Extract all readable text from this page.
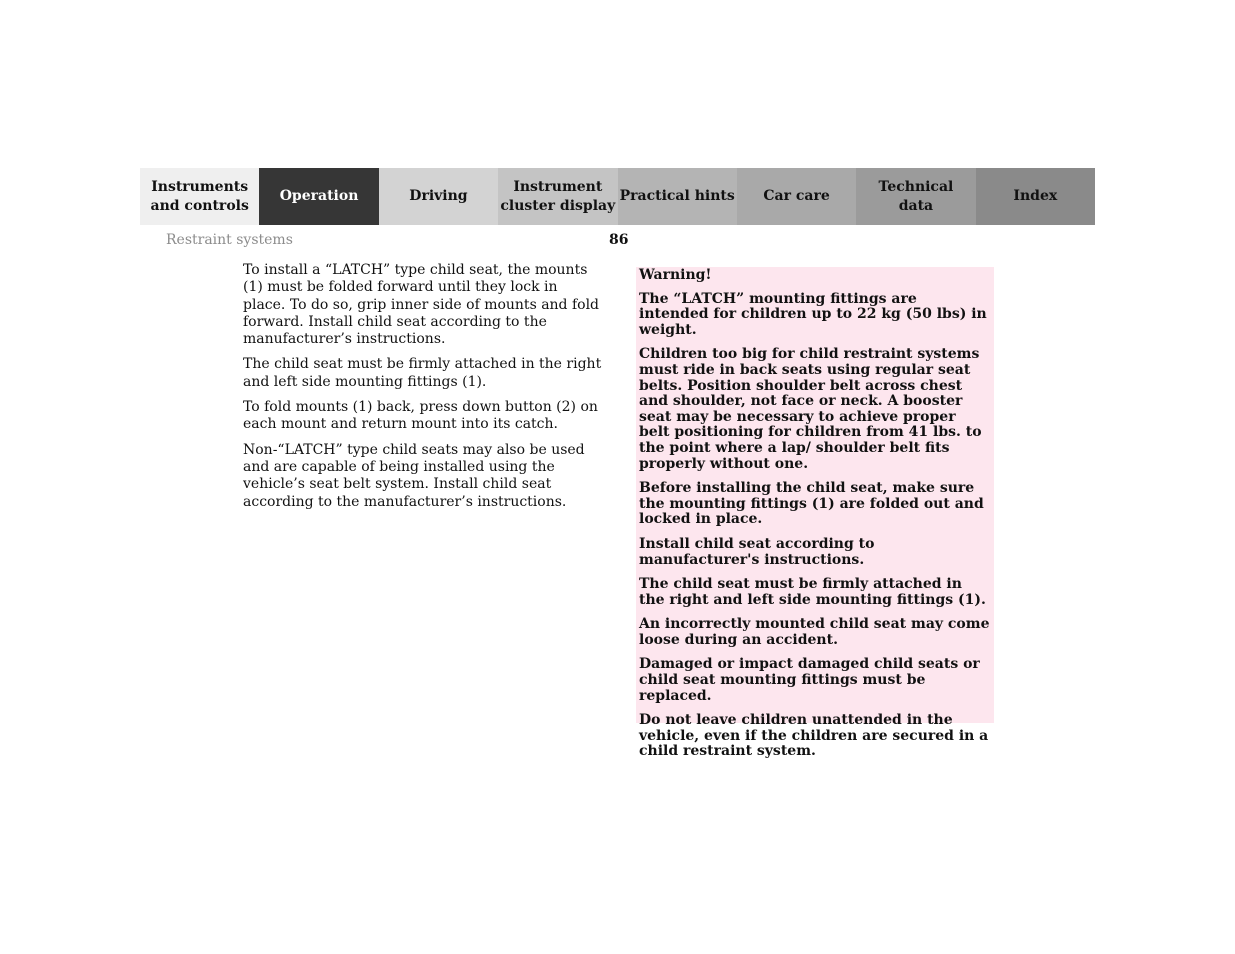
Instruments
and controls
Operation	Driving
Instrument
cluster display
Practical hints Car care
Technical
data
Index
Restraint systems	86

To install a “LATCH” type child seat, the mounts (1) must be folded forward until they lock in place. To do so, grip inner side of mounts and fold forward. Install child seat according to the manufacturer’s instructions.

The child seat must be firmly attached in the right and left side mounting fittings (1).

To fold mounts (1) back, press down button (2) on each mount and return mount into its catch.

Non-“LATCH” type child seats may also be used and are capable of being installed using the vehicle’s seat belt system. Install child seat according to the manufacturer’s instructions.

Warning!

The “LATCH” mounting fittings are intended for children up to 22 kg (50 lbs) in weight.

Children too big for child restraint systems must ride in back seats using regular seat belts. Position shoulder belt across chest and shoulder, not face or neck. A booster seat may be necessary to achieve proper belt positioning for children from 41 lbs. to the point where a lap/ shoulder belt fits properly without one.

Before installing the child seat, make sure the mounting fittings (1) are folded out and locked in place.

Install child seat according to manufacturer's instructions.

The child seat must be firmly attached in the right and left side mounting fittings (1).

An incorrectly mounted child seat may come loose during an accident.

Damaged or impact damaged child seats or child seat mounting fittings must be replaced.

Do not leave children unattended in the vehicle, even if the children are secured in a child restraint system.
